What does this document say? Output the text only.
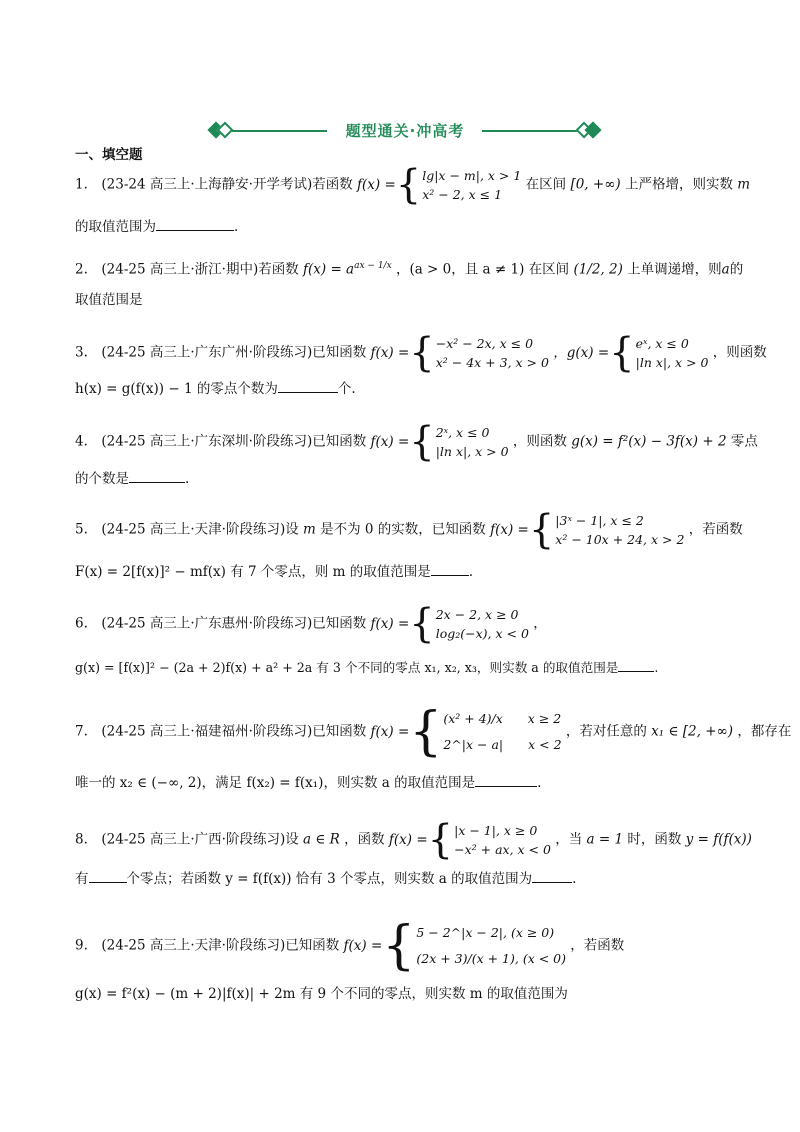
题型通关·冲高考
一、填空题
1.　(23-24 高三上·上海静安·开学考试)若函数 f(x) = { lg|x − m|, x > 1
x² − 2, x ≤ 1
在区间 [0, +∞) 上严格增，则实数 m
的取值范围为	.
2.　(24-25 高三上·浙江·期中)若函数 $f(x) = a^{ax - 1/x}$ ，(a > 0，且 a ≠ 1) 在区间 (1/2, 2) 上单调递增，则a的
取值范围是
3.　(24-25 高三上·广东广州·阶段练习)已知函数 f(x) = { −x² − 2x, x ≤ 0
x² − 4x + 3, x > 0

，g(x) = { eˣ, x ≤ 0
|ln x|, x > 0
，则函数
h(x) = g(f(x)) − 1 的零点个数为	个.
4.　(24-25 高三上·广东深圳·阶段练习)已知函数 f(x) = { 2ˣ, x ≤ 0
|ln x|, x > 0
，则函数 g(x) = f²(x) − 3f(x) + 2 零点
的个数是	.
5.　(24-25 高三上·天津·阶段练习)设 m 是不为 0 的实数，已知函数 f(x) = { |3ˣ − 1|, x ≤ 2
x² − 10x + 24, x > 2
，若函数
F(x) = 2[f(x)]² − mf(x) 有 7 个零点，则 m 的取值范围是	.
6.　(24-25 高三上·广东惠州·阶段练习)已知函数 f(x) = { 2x − 2, x ≥ 0
log₂(−x), x < 0
，
g(x) = [f(x)]² − (2a + 2)f(x) + a² + 2a 有 3 个不同的零点 x₁, x₂, x₃，则实数 a 的取值范围是	.
7.　(24-25 高三上·福建福州·阶段练习)已知函数 f(x) = { (x² + 4)/x　　x ≥ 2
2^|x − a|　　x < 2
，若对任意的 x₁ ∈ [2, +∞) ，都存在
唯一的 x₂ ∈ (−∞, 2)，满足 f(x₂) = f(x₁)，则实数 a 的取值范围是	.
8.　(24-25 高三上·广西·阶段练习)设 a ∈ R ，函数 f(x) = { |x − 1|, x ≥ 0
−x² + ax, x < 0
，当 a = 1 时，函数 y = f(f(x))
有	个零点；若函数 y = f(f(x)) 恰有 3 个零点，则实数 a 的取值范围为	.
9.　(24-25 高三上·天津·阶段练习)已知函数 f(x) = { 5 − 2^|x − 2|, (x ≥ 0)
(2x + 3)/(x + 1), (x < 0)
，若函数
g(x) = f²(x) − (m + 2)|f(x)| + 2m 有 9 个不同的零点，则实数 m 的取值范围为
